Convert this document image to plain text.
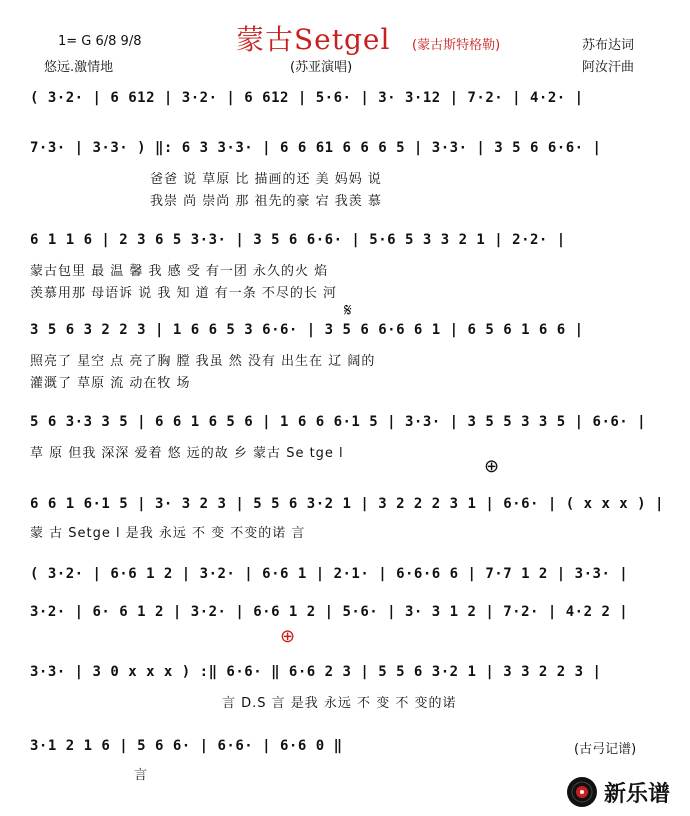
蒙古Setgel (蒙古斯特格勒)
1= G 6/8 9/8
悠远.激情地	(苏亚演唱)
苏布达词
阿汝汗曲
( 3·2· | 6 612 | 3·2· | 6 612 | 5·6· | 3· 3·12 | 7·2· | 4·2· |
7·3· | 3·3· ) ‖: 6 3 3·3· | 6 6 61 6 6 6 5 | 3·3· | 3 5 6 6·6· |
爸爸 说 草原 比 描画的还 美 妈妈 说
我崇 尚 崇尚 那 祖先的豪 宕 我羡 慕
6 1 1 6 | 2 3 6 5 3·3· | 3 5 6 6·6· | 5·6 5 3 3 2 1 | 2·2· |
蒙古包里 最 温 馨 我 感 受 有一团 永久的火 焰
羡慕用那 母语诉 说 我 知 道 有一条 不尽的长 河
𝄋
3 5 6 3 2 2 3 | 1 6 6 5 3 6·6· | 3 5 6 6·6 6 1 | 6 5 6 1 6 6 |
照亮了 星空 点 亮了胸 膛 我虽 然 没有 出生在 辽 阔的
灌溉了 草原 流 动在牧 场
5 6 3·3 3 5 | 6 6 1 6 5 6 | 1 6 6 6·1 5 | 3·3· | 3 5 5 3 3 5 | 6·6· |
草 原 但我 深深 爱着 悠 远的故 乡 蒙古 Se tge l
⊕
6 6 1 6·1 5 | 3· 3 2 3 | 5 5 6 3·2 1 | 3 2 2 2 3 1 | 6·6· | ( x x x ) |
蒙 古 Setge l 是我 永远 不 变 不变的诺 言
( 3·2· | 6·6 1 2 | 3·2· | 6·6 1 | 2·1· | 6·6·6 6 | 7·7 1 2 | 3·3· |
3·2· | 6· 6 1 2 | 3·2· | 6·6 1 2 | 5·6· | 3· 3 1 2 | 7·2· | 4·2 2 |
⊕
3·3· | 3 0 x x x ) :‖ 6·6· ‖ 6·6 2 3 | 5 5 6 3·2 1 | 3 3 2 2 3 |
言 D.S 言 是我 永远 不 变 不 变的诺
3·1 2 1 6 | 5 6 6· | 6·6· | 6·6 0 ‖
言
(古弓记谱)
新乐谱
